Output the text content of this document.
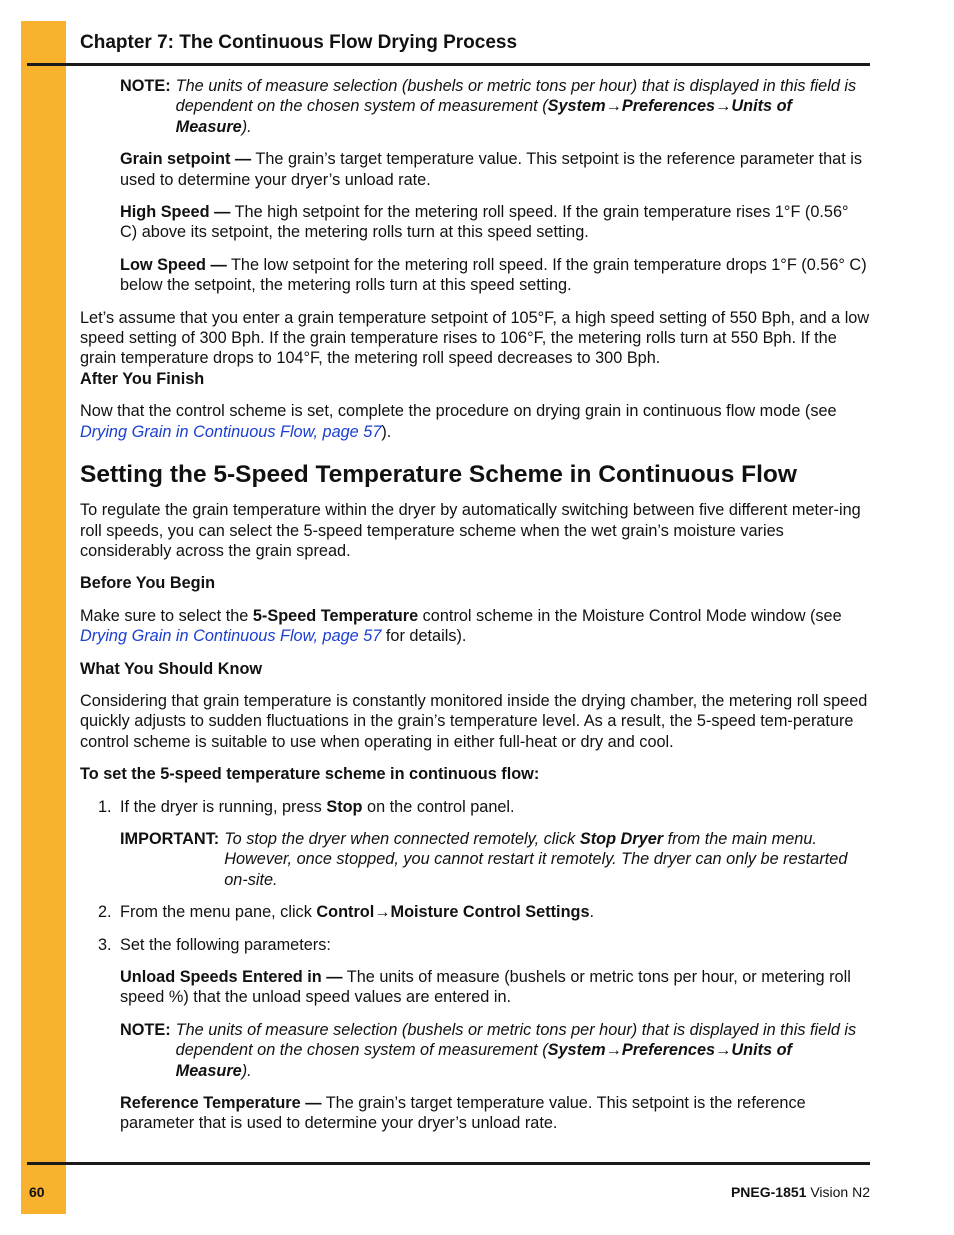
Chapter 7: The Continuous Flow Drying Process
NOTE: The units of measure selection (bushels or metric tons per hour) that is displayed in this field is dependent on the chosen system of measurement (System→Preferences→Units of Measure).

Grain setpoint — The grain’s target temperature value. This setpoint is the reference parameter that is used to determine your dryer’s unload rate.

High Speed — The high setpoint for the metering roll speed. If the grain temperature rises 1°F (0.56° C) above its setpoint, the metering rolls turn at this speed setting.

Low Speed — The low setpoint for the metering roll speed. If the grain temperature drops 1°F (0.56° C) below the setpoint, the metering rolls turn at this speed setting.

Let’s assume that you enter a grain temperature setpoint of 105°F, a high speed setting of 550 Bph, and a low speed setting of 300 Bph. If the grain temperature rises to 106°F, the metering rolls turn at 550 Bph. If the grain temperature drops to 104°F, the metering roll speed decreases to 300 Bph.

After You Finish

Now that the control scheme is set, complete the procedure on drying grain in continuous flow mode (see Drying Grain in Continuous Flow, page 57).

Setting the 5-Speed Temperature Scheme in Continuous Flow

To regulate the grain temperature within the dryer by automatically switching between five different meter-ing roll speeds, you can select the 5-speed temperature scheme when the wet grain’s moisture varies considerably across the grain spread.

Before You Begin

Make sure to select the 5-Speed Temperature control scheme in the Moisture Control Mode window (see Drying Grain in Continuous Flow, page 57 for details).

What You Should Know

Considering that grain temperature is constantly monitored inside the drying chamber, the metering roll speed quickly adjusts to sudden fluctuations in the grain’s temperature level. As a result, the 5-speed tem-perature control scheme is suitable to use when operating in either full-heat or dry and cool.

To set the 5-speed temperature scheme in continuous flow:
1. If the dryer is running, press Stop on the control panel.
IMPORTANT: To stop the dryer when connected remotely, click Stop Dryer from the main menu. However, once stopped, you cannot restart it remotely. The dryer can only be restarted on-site.
2. From the menu pane, click Control→Moisture Control Settings.
3. Set the following parameters:

Unload Speeds Entered in — The units of measure (bushels or metric tons per hour, or metering roll speed %) that the unload speed values are entered in.

NOTE: The units of measure selection (bushels or metric tons per hour) that is displayed in this field is dependent on the chosen system of measurement (System→Preferences→Units of Measure).

Reference Temperature — The grain’s target temperature value. This setpoint is the reference parameter that is used to determine your dryer’s unload rate.

60	PNEG-1851 Vision N2
